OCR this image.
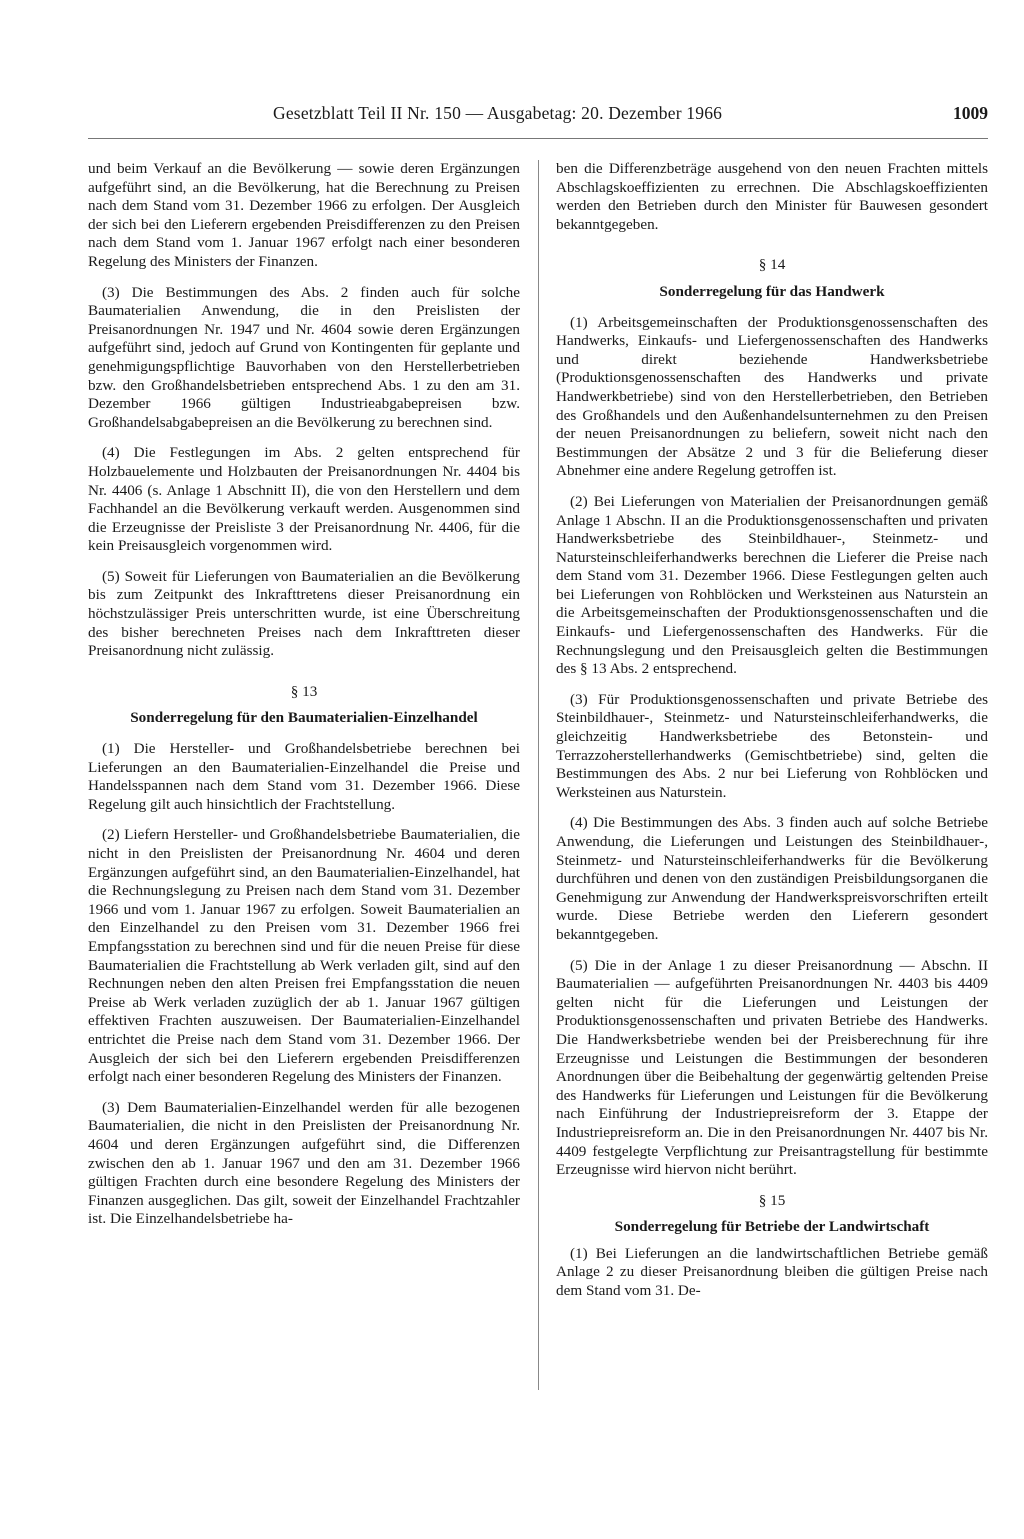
Gesetzblatt Teil II Nr. 150 — Ausgabetag: 20. Dezember 1966	1009

und beim Verkauf an die Bevölkerung — sowie deren Ergänzungen aufgeführt sind, an die Bevölkerung, hat die Berechnung zu Preisen nach dem Stand vom 31. Dezember 1966 zu erfolgen. Der Ausgleich der sich bei den Lieferern ergebenden Preisdifferenzen zu den Preisen nach dem Stand vom 1. Januar 1967 erfolgt nach einer besonderen Regelung des Ministers der Finanzen.

(3) Die Bestimmungen des Abs. 2 finden auch für solche Baumaterialien Anwendung, die in den Preislisten der Preisanordnungen Nr. 1947 und Nr. 4604 sowie deren Ergänzungen aufgeführt sind, jedoch auf Grund von Kontingenten für geplante und genehmigungspflichtige Bauvorhaben von den Herstellerbetrieben bzw. den Großhandelsbetrieben entsprechend Abs. 1 zu den am 31. Dezember 1966 gültigen Industrieabgabepreisen bzw. Großhandelsabgabepreisen an die Bevölkerung zu berechnen sind.

(4) Die Festlegungen im Abs. 2 gelten entsprechend für Holzbauelemente und Holzbauten der Preisanordnungen Nr. 4404 bis Nr. 4406 (s. Anlage 1 Abschnitt II), die von den Herstellern und dem Fachhandel an die Bevölkerung verkauft werden. Ausgenommen sind die Erzeugnisse der Preisliste 3 der Preisanordnung Nr. 4406, für die kein Preisausgleich vorgenommen wird.

(5) Soweit für Lieferungen von Baumaterialien an die Bevölkerung bis zum Zeitpunkt des Inkrafttretens dieser Preisanordnung ein höchstzulässiger Preis unterschritten wurde, ist eine Überschreitung des bisher berechneten Preises nach dem Inkrafttreten dieser Preisanordnung nicht zulässig.

§ 13
Sonderregelung für den Baumaterialien-Einzelhandel

(1) Die Hersteller- und Großhandelsbetriebe berechnen bei Lieferungen an den Baumaterialien-Einzelhandel die Preise und Handelsspannen nach dem Stand vom 31. Dezember 1966. Diese Regelung gilt auch hinsichtlich der Frachtstellung.

(2) Liefern Hersteller- und Großhandelsbetriebe Baumaterialien, die nicht in den Preislisten der Preisanordnung Nr. 4604 und deren Ergänzungen aufgeführt sind, an den Baumaterialien-Einzelhandel, hat die Rechnungslegung zu Preisen nach dem Stand vom 31. Dezember 1966 und vom 1. Januar 1967 zu erfolgen. Soweit Baumaterialien an den Einzelhandel zu den Preisen vom 31. Dezember 1966 frei Empfangsstation zu berechnen sind und für die neuen Preise für diese Baumaterialien die Frachtstellung ab Werk verladen gilt, sind auf den Rechnungen neben den alten Preisen frei Empfangsstation die neuen Preise ab Werk verladen zuzüglich der ab 1. Januar 1967 gültigen effektiven Frachten auszuweisen. Der Baumaterialien-Einzelhandel entrichtet die Preise nach dem Stand vom 31. Dezember 1966. Der Ausgleich der sich bei den Lieferern ergebenden Preisdifferenzen erfolgt nach einer besonderen Regelung des Ministers der Finanzen.

(3) Dem Baumaterialien-Einzelhandel werden für alle bezogenen Baumaterialien, die nicht in den Preislisten der Preisanordnung Nr. 4604 und deren Ergänzungen aufgeführt sind, die Differenzen zwischen den ab 1. Januar 1967 und den am 31. Dezember 1966 gültigen Frachten durch eine besondere Regelung des Ministers der Finanzen ausgeglichen. Das gilt, soweit der Einzelhandel Frachtzahler ist. Die Einzelhandelsbetriebe ha-

ben die Differenzbeträge ausgehend von den neuen Frachten mittels Abschlagskoeffizienten zu errechnen. Die Abschlagskoeffizienten werden den Betrieben durch den Minister für Bauwesen gesondert bekanntgegeben.

§ 14
Sonderregelung für das Handwerk

(1) Arbeitsgemeinschaften der Produktionsgenossenschaften des Handwerks, Einkaufs- und Liefergenossenschaften des Handwerks und direkt beziehende Handwerksbetriebe (Produktionsgenossenschaften des Handwerks und private Handwerkbetriebe) sind von den Herstellerbetrieben, den Betrieben des Großhandels und den Außenhandelsunternehmen zu den Preisen der neuen Preisanordnungen zu beliefern, soweit nicht nach den Bestimmungen der Absätze 2 und 3 für die Belieferung dieser Abnehmer eine andere Regelung getroffen ist.

(2) Bei Lieferungen von Materialien der Preisanordnungen gemäß Anlage 1 Abschn. II an die Produktionsgenossenschaften und privaten Handwerksbetriebe des Steinbildhauer-, Steinmetz- und Natursteinschleiferhandwerks berechnen die Lieferer die Preise nach dem Stand vom 31. Dezember 1966. Diese Festlegungen gelten auch bei Lieferungen von Rohblöcken und Werksteinen aus Naturstein an die Arbeitsgemeinschaften der Produktionsgenossenschaften und die Einkaufs- und Liefergenossenschaften des Handwerks. Für die Rechnungslegung und den Preisausgleich gelten die Bestimmungen des § 13 Abs. 2 entsprechend.

(3) Für Produktionsgenossenschaften und private Betriebe des Steinbildhauer-, Steinmetz- und Natursteinschleiferhandwerks, die gleichzeitig Handwerksbetriebe des Betonstein- und Terrazzoherstellerhandwerks (Gemischtbetriebe) sind, gelten die Bestimmungen des Abs. 2 nur bei Lieferung von Rohblöcken und Werksteinen aus Naturstein.

(4) Die Bestimmungen des Abs. 3 finden auch auf solche Betriebe Anwendung, die Lieferungen und Leistungen des Steinbildhauer-, Steinmetz- und Natursteinschleiferhandwerks für die Bevölkerung durchführen und denen von den zuständigen Preisbildungsorganen die Genehmigung zur Anwendung der Handwerkspreisvorschriften erteilt wurde. Diese Betriebe werden den Lieferern gesondert bekanntgegeben.

(5) Die in der Anlage 1 zu dieser Preisanordnung — Abschn. II Baumaterialien — aufgeführten Preisanordnungen Nr. 4403 bis 4409 gelten nicht für die Lieferungen und Leistungen der Produktionsgenossenschaften und privaten Betriebe des Handwerks. Die Handwerksbetriebe wenden bei der Preisberechnung für ihre Erzeugnisse und Leistungen die Bestimmungen der besonderen Anordnungen über die Beibehaltung der gegenwärtig geltenden Preise des Handwerks für Lieferungen und Leistungen für die Bevölkerung nach Einführung der Industriepreisreform der 3. Etappe der Industriepreisreform an. Die in den Preisanordnungen Nr. 4407 bis Nr. 4409 festgelegte Verpflichtung zur Preisantragstellung für bestimmte Erzeugnisse wird hiervon nicht berührt.

§ 15
Sonderregelung für Betriebe der Landwirtschaft

(1) Bei Lieferungen an die landwirtschaftlichen Betriebe gemäß Anlage 2 zu dieser Preisanordnung bleiben die gültigen Preise nach dem Stand vom 31. De-
